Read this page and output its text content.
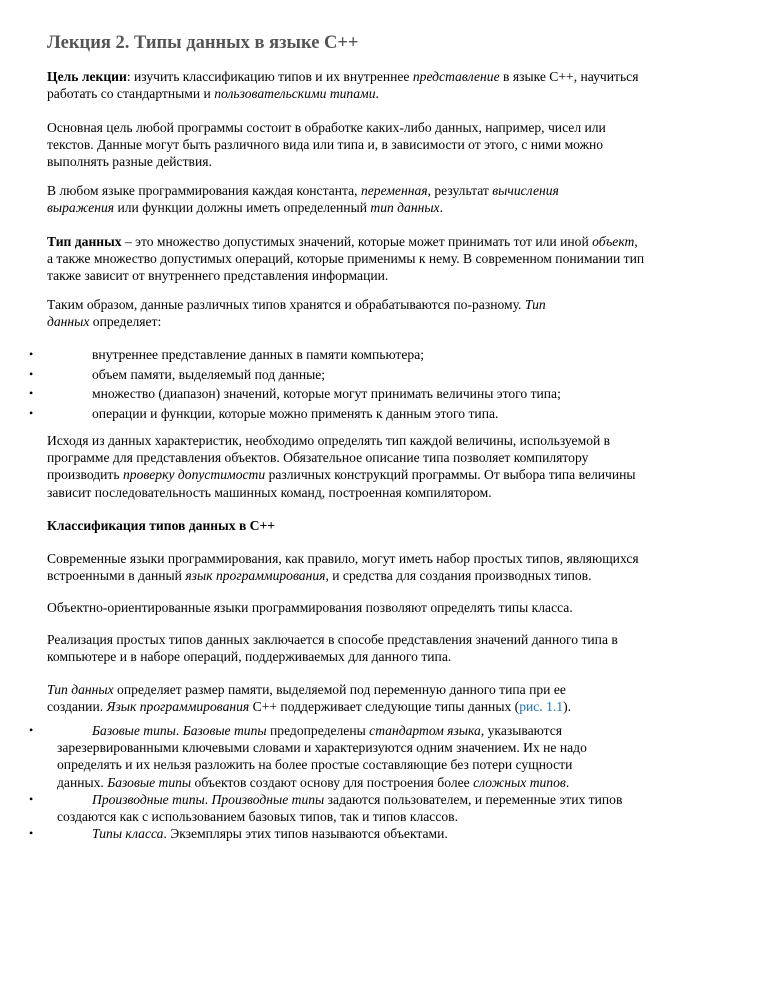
Лекция 2. Типы данных в языке C++

Цель лекции: изучить классификацию типов и их внутреннее представление в языке C++, научиться
работать со стандартными и пользовательскими типами.

Основная цель любой программы состоит в обработке каких-либо данных, например, чисел или
текстов. Данные могут быть различного вида или типа и, в зависимости от этого, с ними можно
выполнять разные действия.

В любом языке программирования каждая константа, переменная, результат вычисления
выражения или функции должны иметь определенный тип данных.

Тип данных – это множество допустимых значений, которые может принимать тот или иной объект,
а также множество допустимых операций, которые применимы к нему. В современном понимании тип
также зависит от внутреннего представления информации.

Таким образом, данные различных типов хранятся и обрабатываются по-разному. Тип
данных определяет:

•	внутреннее представление данных в памяти компьютера;
•	объем памяти, выделяемый под данные;
•	множество (диапазон) значений, которые могут принимать величины этого типа;
•	операции и функции, которые можно применять к данным этого типа.

Исходя из данных характеристик, необходимо определять тип каждой величины, используемой в
программе для представления объектов. Обязательное описание типа позволяет компилятору
производить проверку допустимости различных конструкций программы. От выбора типа величины
зависит последовательность машинных команд, построенная компилятором.

Классификация типов данных в С++

Современные языки программирования, как правило, могут иметь набор простых типов, являющихся
встроенными в данный язык программирования, и средства для создания производных типов.

Объектно-ориентированные языки программирования позволяют определять типы класса.

Реализация простых типов данных заключается в способе представления значений данного типа в
компьютере и в наборе операций, поддерживаемых для данного типа.

Тип данных определяет размер памяти, выделяемой под переменную данного типа при ее
создании. Язык программирования C++ поддерживает следующие типы данных (рис. 1.1).

•	Базовые типы. Базовые типы предопределены стандартом языка, указываются
зарезервированными ключевыми словами и характеризуются одним значением. Их не надо
определять и их нельзя разложить на более простые составляющие без потери сущности
данных. Базовые типы объектов создают основу для построения более сложных типов.
•	Производные типы. Производные типы задаются пользователем, и переменные этих типов
создаются как с использованием базовых типов, так и типов классов.
•	Типы класса. Экземпляры этих типов называются объектами.
